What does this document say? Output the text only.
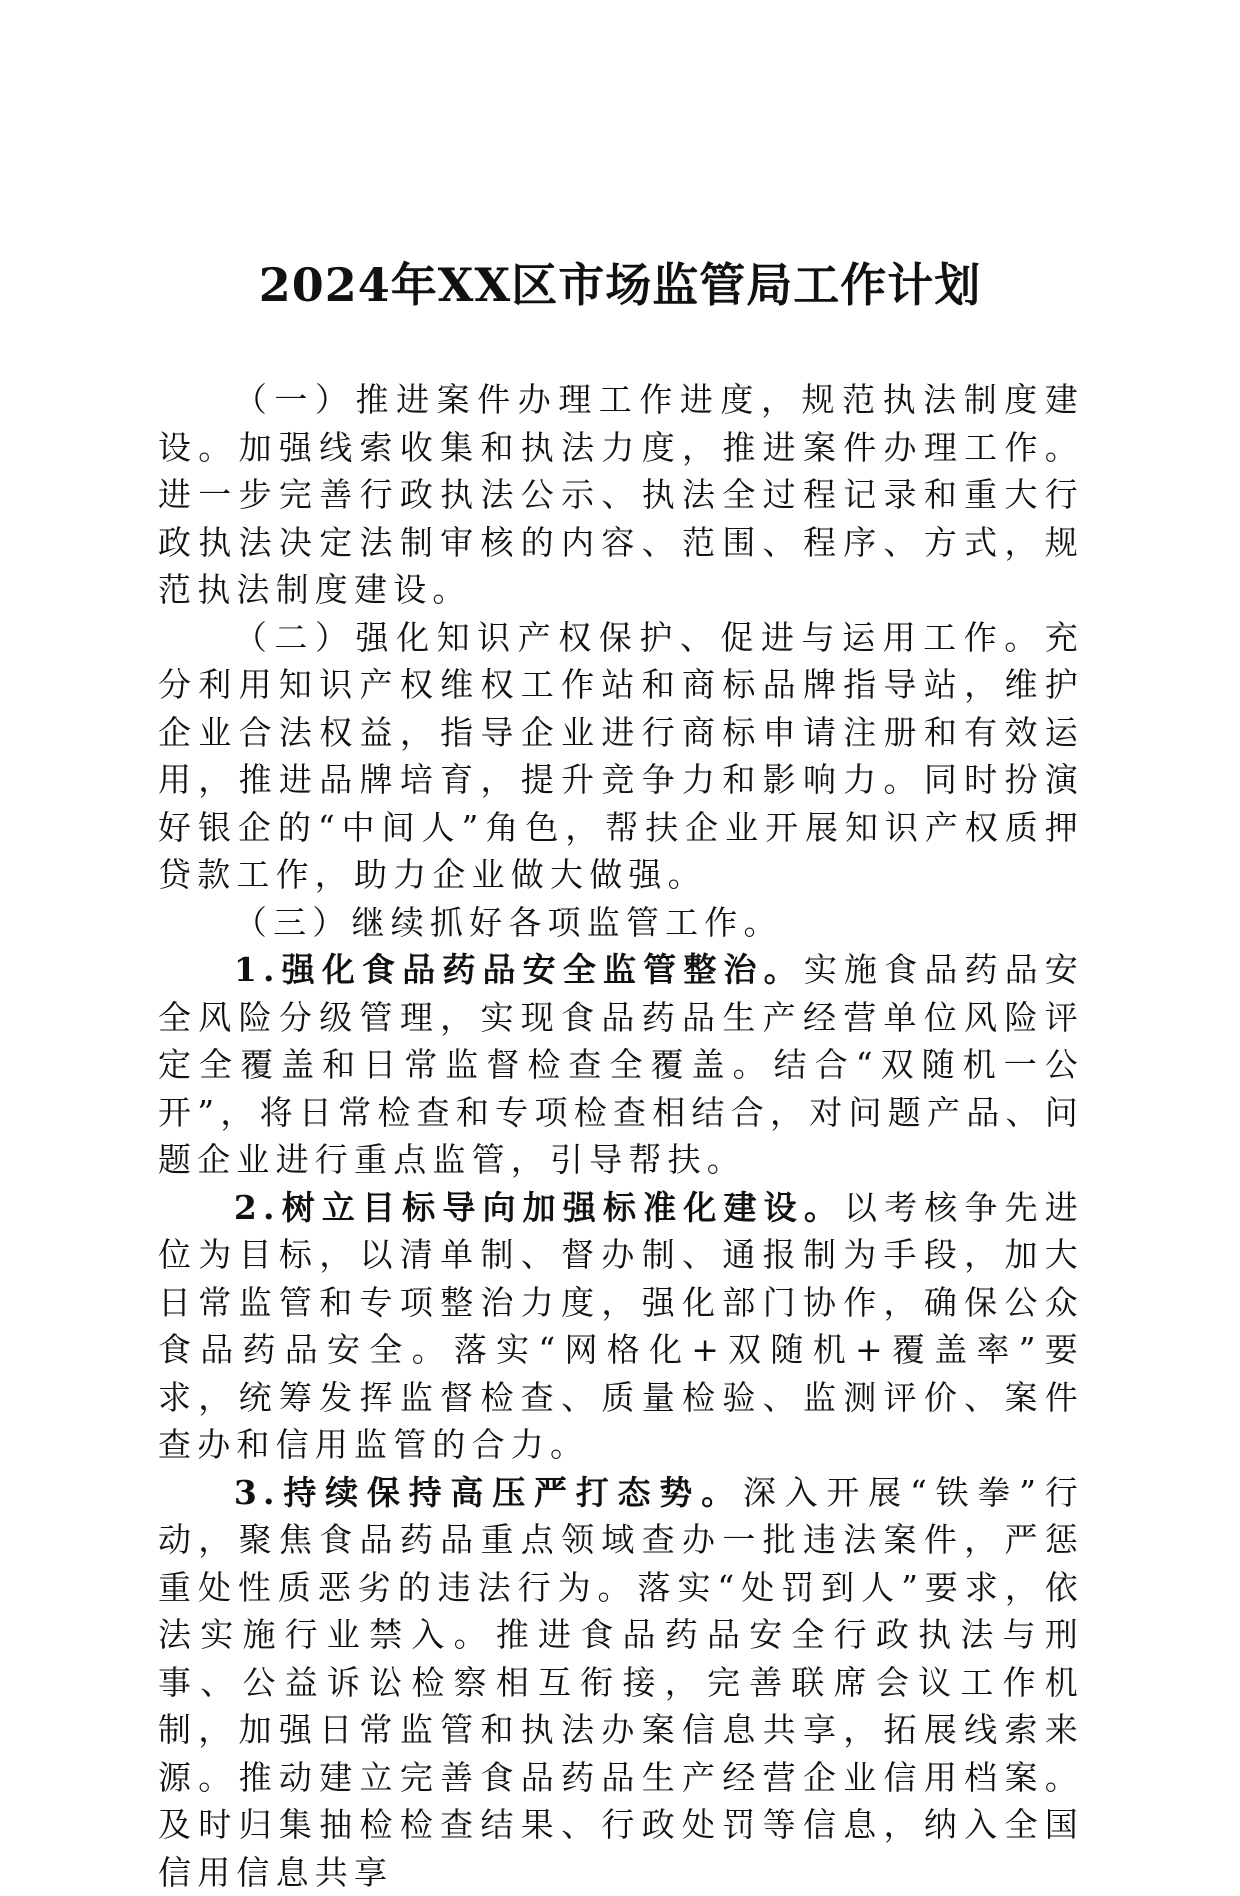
2024年XX区市场监管局工作计划

（一）推进案件办理工作进度，规范执法制度建设。加强线索收集和执法力度，推进案件办理工作。进一步完善行政执法公示、执法全过程记录和重大行政执法决定法制审核的内容、范围、程序、方式，规范执法制度建设。

（二）强化知识产权保护、促进与运用工作。充分利用知识产权维权工作站和商标品牌指导站，维护企业合法权益，指导企业进行商标申请注册和有效运用，推进品牌培育，提升竞争力和影响力。同时扮演好银企的“中间人”角色，帮扶企业开展知识产权质押贷款工作，助力企业做大做强。

（三）继续抓好各项监管工作。

1.强化食品药品安全监管整治。实施食品药品安全风险分级管理，实现食品药品生产经营单位风险评定全覆盖和日常监督检查全覆盖。结合“双随机一公开”，将日常检查和专项检查相结合，对问题产品、问题企业进行重点监管，引导帮扶。

2.树立目标导向加强标准化建设。以考核争先进位为目标，以清单制、督办制、通报制为手段，加大日常监管和专项整治力度，强化部门协作，确保公众食品药品安全。落实“网格化+双随机+覆盖率”要求，统筹发挥监督检查、质量检验、监测评价、案件查办和信用监管的合力。

3.持续保持高压严打态势。深入开展“铁拳”行动，聚焦食品药品重点领域查办一批违法案件，严惩重处性质恶劣的违法行为。落实“处罚到人”要求，依法实施行业禁入。推进食品药品安全行政执法与刑事、公益诉讼检察相互衔接，完善联席会议工作机制，加强日常监管和执法办案信息共享，拓展线索来源。推动建立完善食品药品生产经营企业信用档案。及时归集抽检检查结果、行政处罚等信息，纳入全国信用信息共享
